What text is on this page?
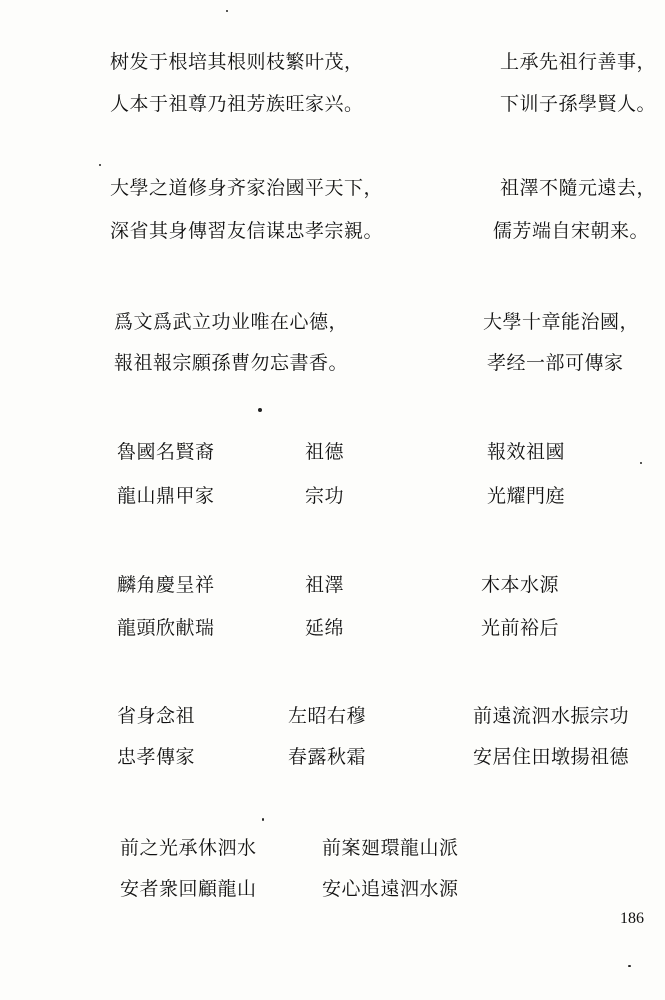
树发于根培其根则枝繁叶茂，
人本于祖尊乃祖芳族旺家兴。
上承先祖行善事，
下训子孫學賢人。
大學之道修身齐家治國平天下，
深省其身傳習友信谋忠孝宗親。
祖澤不隨元遠去，
儒芳端自宋朝来。
爲文爲武立功业唯在心德，
報祖報宗願孫曹勿忘書香。
大學十章能治國，
孝经一部可傳家
魯國名賢裔
龍山鼎甲家
祖德
宗功
報效祖國
光耀門庭
麟角慶呈祥
龍頭欣献瑞
祖澤
延绵
木本水源
光前裕后
省身念祖
忠孝傳家
左昭右穆
春露秋霜
前遠流泗水振宗功
安居住田墩揚祖德
前之光承休泗水
安者衆回顧龍山
前案廻環龍山派
安心追遠泗水源
186
